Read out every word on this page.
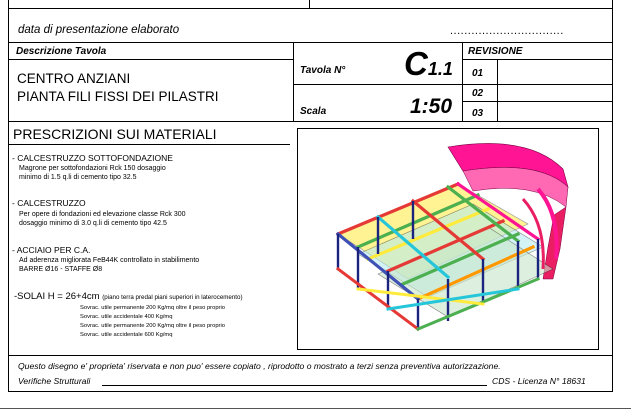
data di presentazione elaborato	................................
Descrizione Tavola
CENTRO ANZIANI
PIANTA FILI FISSI DEI PILASTRI
Tavola N° C1.1
Scala	1:50
REVISIONE
01
02
03
PRESCRIZIONI SUI MATERIALI
- CALCESTRUZZO SOTTOFONDAZIONE
Magrone per sottofondazioni Rck 150 dosaggio
minimo di 1.5 q.li di cemento tipo 32.5
- CALCESTRUZZO
Per opere di fondazioni ed elevazione classe Rck 300
dosaggio minimo di 3.0 q.li di cemento tipo 42.5
- ACCIAIO PER C.A.
Ad aderenza migliorata FeB44K controllato in stabilimento
BARRE Ø16 - STAFFE Ø8
-SOLAI H = 26+4cm (piano terra predal piani superiori in laterocemento)
Sovrac. utile permanente 200 Kg/mq oltre il peso proprio
Sovrac. utile accidentale 400 Kg/mq
Sovrac. utile permanente 200 Kg/mq oltre il peso proprio
Sovrac. utile accidentale 600 Kg/mq
Questo disegno e' proprieta' riservata e non puo' essere copiato , riprodotto o mostrato a terzi senza preventiva autorizzazione.
Verifiche Strutturali	CDS - Licenza N° 18631
